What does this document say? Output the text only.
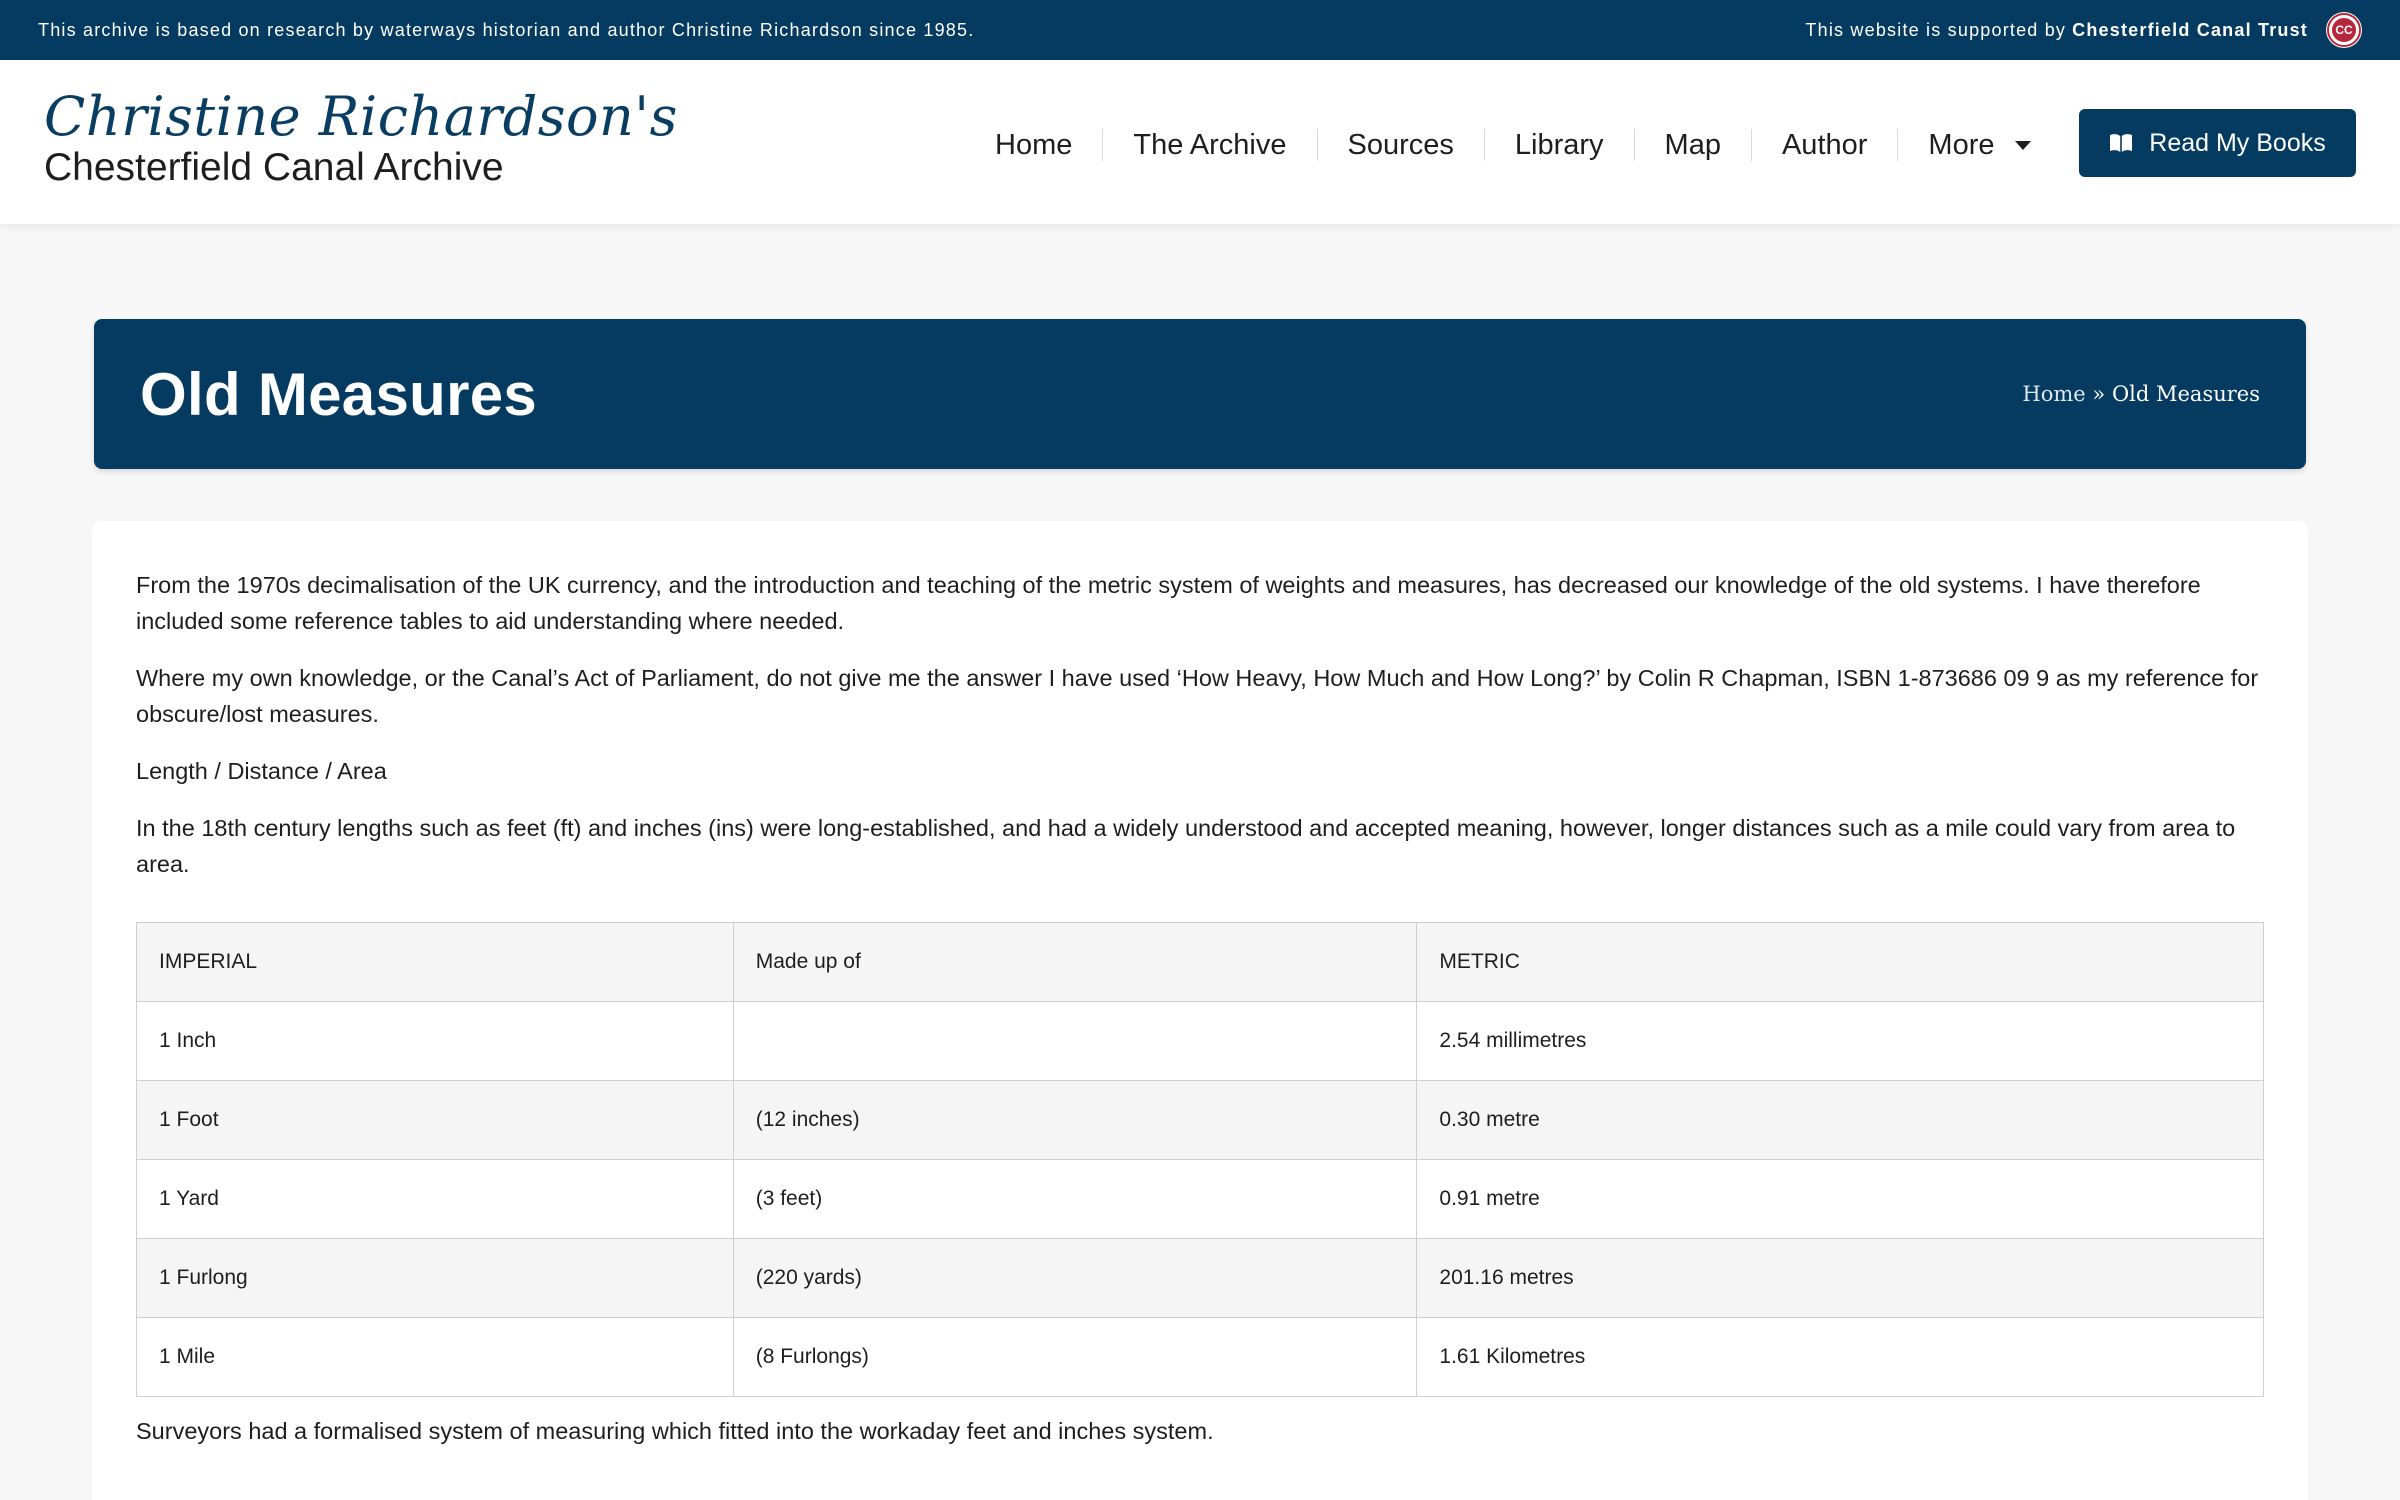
This archive is based on research by waterways historian and author Christine Richardson since 1985.	This website is supported by Chesterfield Canal Trust	CC
Christine Richardson's
Chesterfield Canal Archive
Home	The Archive	Sources	Library	Map	Author	More	Read My Books
Old Measures	Home » Old Measures

From the 1970s decimalisation of the UK currency, and the introduction and teaching of the metric system of weights and measures, has decreased our knowledge of the old systems. I have therefore included some reference tables to aid understanding where needed.

Where my own knowledge, or the Canal’s Act of Parliament, do not give me the answer I have used ‘How Heavy, How Much and How Long?’ by Colin R Chapman, ISBN 1-873686 09 9 as my reference for obscure/lost measures.

Length / Distance / Area

In the 18th century lengths such as feet (ft) and inches (ins) were long-established, and had a widely understood and accepted meaning, however, longer distances such as a mile could vary from area to area.

IMPERIAL	Made up of	METRIC
1 Inch		2.54 millimetres
1 Foot	(12 inches)	0.30 metre
1 Yard	(3 feet)	0.91 metre
1 Furlong	(220 yards)	201.16 metres
1 Mile	(8 Furlongs)	1.61 Kilometres

Surveyors had a formalised system of measuring which fitted into the workaday feet and inches system.
